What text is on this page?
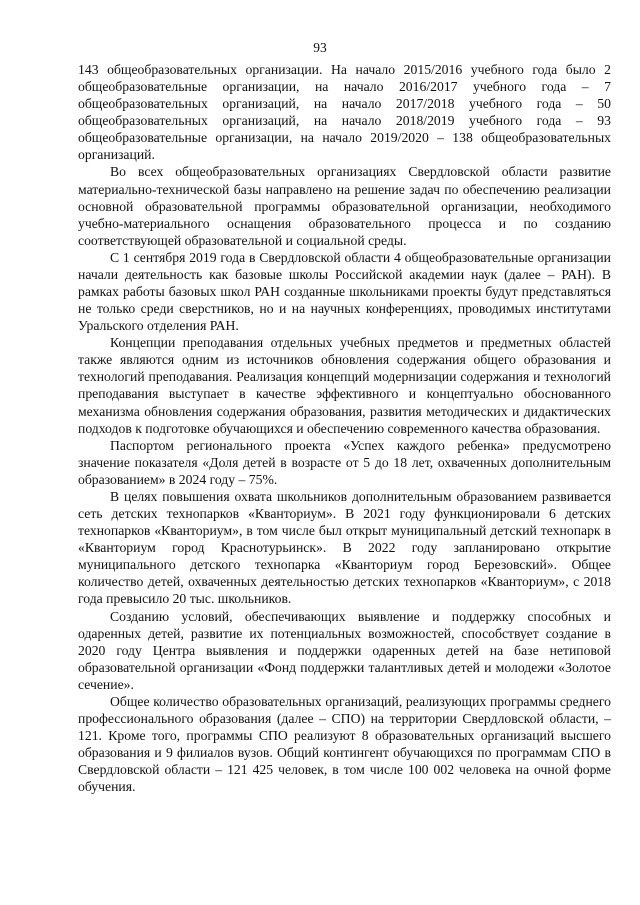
93

143 общеобразовательных организации. На начало 2015/2016 учебного года было 2 общеобразовательные организации, на начало 2016/2017 учебного года – 7 общеобразовательных организаций, на начало 2017/2018 учебного года – 50 общеобразовательных организаций, на начало 2018/2019 учебного года – 93 общеобразовательные организации, на начало 2019/2020 – 138 общеобразовательных организаций.

Во всех общеобразовательных организациях Свердловской области развитие материально-технической базы направлено на решение задач по обеспечению реализации основной образовательной программы образовательной организации, необходимого учебно-материального оснащения образовательного процесса и по созданию соответствующей образовательной и социальной среды.

С 1 сентября 2019 года в Свердловской области 4 общеобразовательные организации начали деятельность как базовые школы Российской академии наук (далее – РАН). В рамках работы базовых школ РАН созданные школьниками проекты будут представляться не только среди сверстников, но и на научных конференциях, проводимых институтами Уральского отделения РАН.

Концепции преподавания отдельных учебных предметов и предметных областей также являются одним из источников обновления содержания общего образования и технологий преподавания. Реализация концепций модернизации содержания и технологий преподавания выступает в качестве эффективного и концептуально обоснованного механизма обновления содержания образования, развития методических и дидактических подходов к подготовке обучающихся и обеспечению современного качества образования.

Паспортом регионального проекта «Успех каждого ребенка» предусмотрено значение показателя «Доля детей в возрасте от 5 до 18 лет, охваченных дополнительным образованием» в 2024 году – 75%.

В целях повышения охвата школьников дополнительным образованием развивается сеть детских технопарков «Кванториум». В 2021 году функционировали 6 детских технопарков «Кванториум», в том числе был открыт муниципальный детский технопарк в «Кванториум город Краснотурьинск». В 2022 году запланировано открытие муниципального детского технопарка «Кванториум город Березовский». Общее количество детей, охваченных деятельностью детских технопарков «Кванториум», с 2018 года превысило 20 тыс. школьников.

Созданию условий, обеспечивающих выявление и поддержку способных и одаренных детей, развитие их потенциальных возможностей, способствует создание в 2020 году Центра выявления и поддержки одаренных детей на базе нетиповой образовательной организации «Фонд поддержки талантливых детей и молодежи «Золотое сечение».

Общее количество образовательных организаций, реализующих программы среднего профессионального образования (далее – СПО) на территории Свердловской области, – 121. Кроме того, программы СПО реализуют 8 образовательных организаций высшего образования и 9 филиалов вузов. Общий контингент обучающихся по программам СПО в Свердловской области – 121 425 человек, в том числе 100 002 человека на очной форме обучения.
